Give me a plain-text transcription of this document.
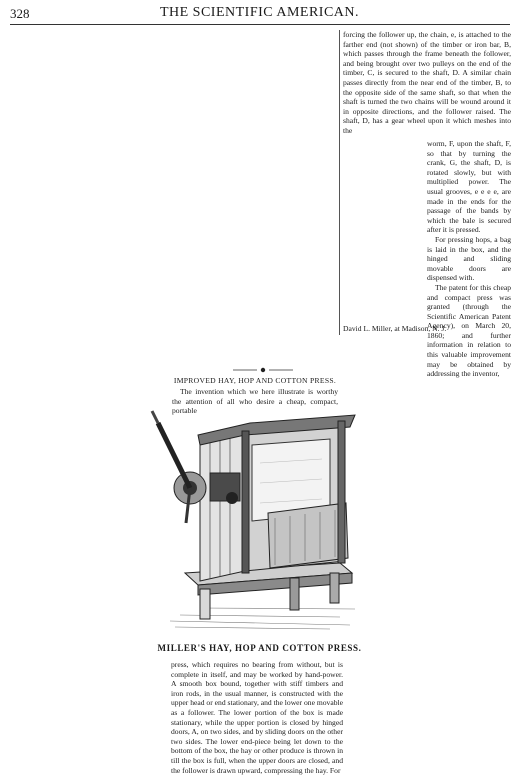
328	THE SCIENTIFIC AMERICAN.

forcing the follower up, the chain, e, is attached to the farther end (not shown) of the timber or iron bar, B, which passes through the frame beneath the follower, and being brought over two pulleys on the end of the timber, C, is secured to the shaft, D. A similar chain passes directly from the near end of the timber, B, to the opposite side of the same shaft, so that when the shaft is turned the two chains will be wound around it in opposite directions, and the follower raised. The shaft, D, has a gear wheel upon it which meshes into the

worm, F, upon the shaft, F, so that by turning the crank, G, the shaft, D, is rotated slowly, but with multiplied power. The usual grooves, e e e e, are made in the ends for the passage of the bands by which the bale is secured after it is pressed.

For pressing hops, a bag is laid in the box, and the hinged and sliding movable doors are dispensed with.

The patent for this cheap and compact press was granted (through the Scientific American Patent Agency), on March 20, 1860; and further information in relation to this valuable improvement may be obtained by addressing the inventor,

David L. Miller, at Madison, N. J.
IMPROVED HAY, HOP AND COTTON PRESS.

The invention which we here illustrate is worthy the attention of all who desire a cheap, compact, portable

MILLER'S HAY, HOP AND COTTON PRESS.

press, which requires no bearing from without, but is complete in itself, and may be worked by hand-power. A smooth box bound, together with stiff timbers and iron rods, in the usual manner, is constructed with the upper head or end stationary, and the lower one movable as a follower. The lower portion of the box is made stationary, while the upper portion is closed by hinged doors, A, on two sides, and by sliding doors on the other two sides. The lower end-piece being let down to the bottom of the box, the hay or other produce is thrown in till the box is full, when the upper doors are closed, and the follower is drawn upward, compressing the hay. For
